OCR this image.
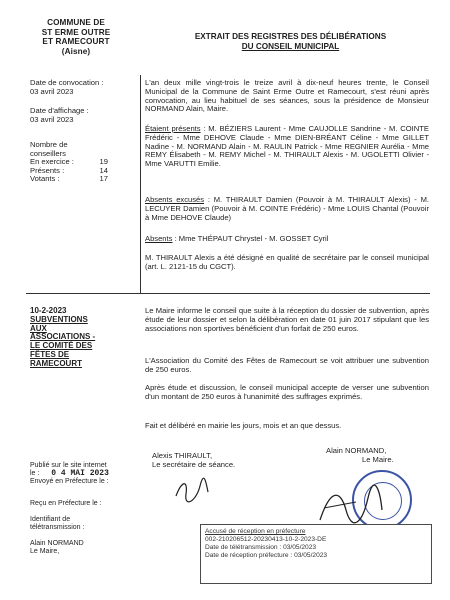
COMMUNE DE
ST ERME OUTRE
ET RAMECOURT
(Aisne)
EXTRAIT DES REGISTRES DES DÉLIBÉRATIONS
DU CONSEIL MUNICIPAL
Date de convocation :
03 avril 2023
Date d'affichage :
03 avril 2023
Nombre de
conseillers
En exercice :	19
Présents :	14
Votants :	17
L'an deux mille vingt-trois le treize avril à dix-neuf heures trente, le Conseil Municipal de la Commune de Saint Erme Outre et Ramecourt, s'est réuni après convocation, au lieu habituel de ses séances, sous la présidence de Monsieur NORMAND Alain, Maire.
Étaient présents : M. BÉZIERS Laurent - Mme CAUJOLLE Sandrine - M. COINTE Frédéric - Mme DEHOVE Claude - Mme DIEN-BRÉANT Céline - Mme GILLET Nadine - M. NORMAND Alain - M. RAULIN Patrick - Mme REGNIER Aurélia - Mme REMY Élisabeth - M. REMY Michel - M. THIRAULT Alexis - M. UGOLETTI Olivier - Mme VARUTTI Emilie.
Absents excusés : M. THIRAULT Damien (Pouvoir à M. THIRAULT Alexis) - M. LECUYER Damien (Pouvoir à M. COINTE Frédéric) - Mme LOUIS Chantal (Pouvoir à Mme DEHOVE Claude)
Absents : Mme THÉPAUT Chrystel - M. GOSSET Cyril
M. THIRAULT Alexis a été désigné en qualité de secrétaire par le conseil municipal (art. L. 2121-15 du CGCT).
10-2-2023
SUBVENTIONS
AUX
ASSOCIATIONS -
LE COMITÉ DES
FÊTES DE
RAMECOURT
Le Maire informe le conseil que suite à la réception du dossier de subvention, après étude de leur dossier et selon la délibération en date 01 juin 2017 stipulant que les associations non sportives bénéficient d'un forfait de 250 euros.
L'Association du Comité des Fêtes de Ramecourt se voit attribuer une subvention de 250 euros.
Après étude et discussion, le conseil municipal accepte de verser une subvention d'un montant de 250 euros à l'unanimité des suffrages exprimés.
Fait et délibéré en mairie les jours, mois et an que dessus.
Alexis THIRAULT,
Le secrétaire de séance.
Alain NORMAND,
Le Maire.
Publié sur le site internet
le : 0 4 MAI 2023
Envoyé en Préfecture le :
Reçu en Préfecture le :
Identifiant de
télétransmission :
Alain NORMAND
Le Maire,
Accusé de réception en préfecture
002-210206512-20230413-10-2-2023-DE
Date de télétransmission : 03/05/2023
Date de réception préfecture : 03/05/2023
